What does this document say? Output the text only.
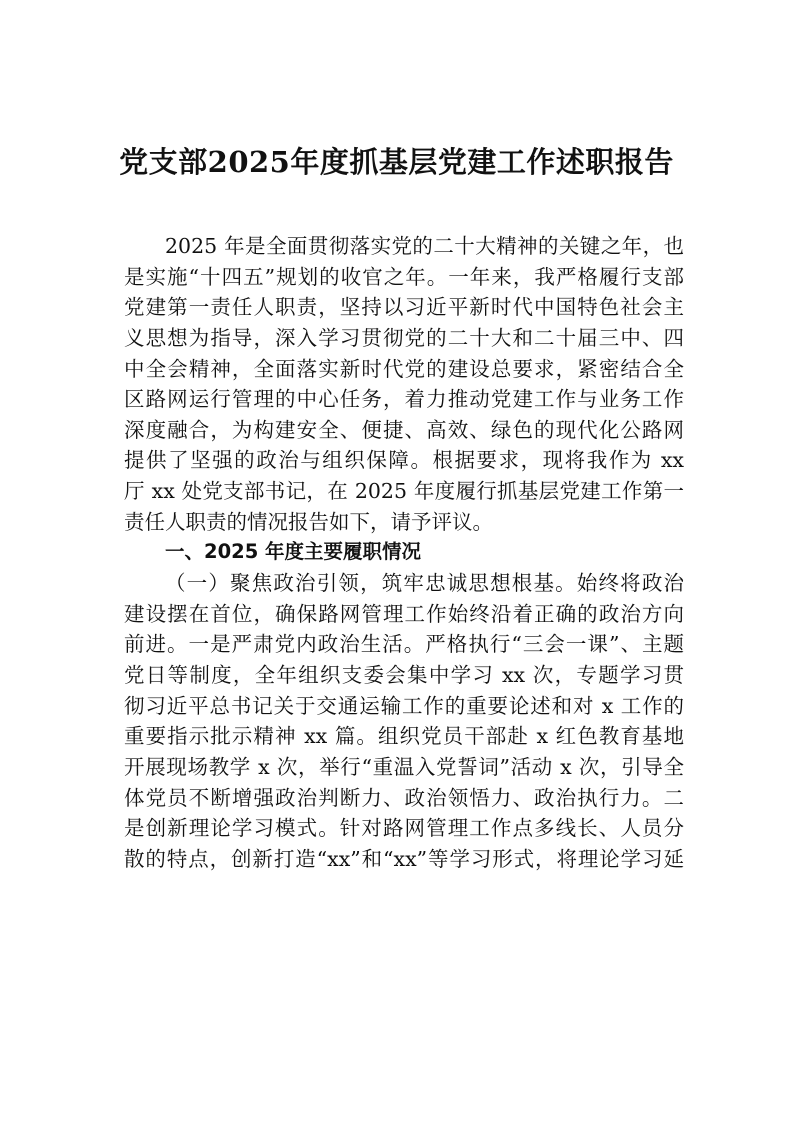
党支部2025年度抓基层党建工作述职报告
2025 年是全面贯彻落实党的二十大精神的关键之年，也
是实施“十四五”规划的收官之年。一年来，我严格履行支部
党建第一责任人职责，坚持以习近平新时代中国特色社会主
义思想为指导，深入学习贯彻党的二十大和二十届三中、四
中全会精神，全面落实新时代党的建设总要求，紧密结合全
区路网运行管理的中心任务，着力推动党建工作与业务工作
深度融合，为构建安全、便捷、高效、绿色的现代化公路网
提供了坚强的政治与组织保障。根据要求，现将我作为 xx
厅 xx 处党支部书记，在 2025 年度履行抓基层党建工作第一
责任人职责的情况报告如下，请予评议。
一、2025 年度主要履职情况
（一）聚焦政治引领，筑牢忠诚思想根基。始终将政治
建设摆在首位，确保路网管理工作始终沿着正确的政治方向
前进。一是严肃党内政治生活。严格执行“三会一课”、主题
党日等制度，全年组织支委会集中学习 xx 次，专题学习贯
彻习近平总书记关于交通运输工作的重要论述和对 x 工作的
重要指示批示精神 xx 篇。组织党员干部赴 x 红色教育基地
开展现场教学 x 次，举行“重温入党誓词”活动 x 次，引导全
体党员不断增强政治判断力、政治领悟力、政治执行力。二
是创新理论学习模式。针对路网管理工作点多线长、人员分
散的特点，创新打造“xx”和“xx”等学习形式，将理论学习延
